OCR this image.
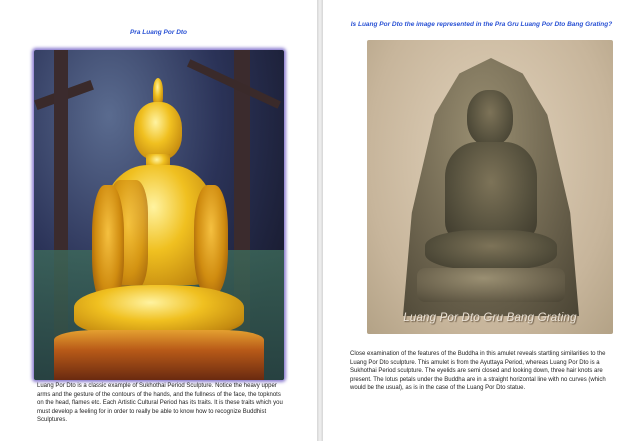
Pra Luang Por Dto

Luang Por Dto is a classic example of Sukhothai Period Sculpture. Notice the heavy upper arms and the gesture of the contours of the hands, and the fullness of the face, the topknots on the head, flames etc. Each Artistic Cultural Period has its traits. It is these traits which you must develop a feeling for in order to really be able to know how to recognize Buddhist Sculptures.

Is Luang Por Dto the image represented in the Pra Gru Luang Por Dto Bang Grating?
Luang Por Dto Gru Bang Grating

Close examination of the features of the Buddha in this amulet reveals startling similarities to the Luang Por Dto sculpture. This amulet is from the Ayuttaya Period, whereas Luang Por Dto is a Sukhothai Period sculpture. The eyelids are semi closed and looking down, three hair knots are present. The lotus petals under the Buddha are in a straight horizontal line with no curves (which would be the usual), as is in the case of the Luang Por Dto statue.
